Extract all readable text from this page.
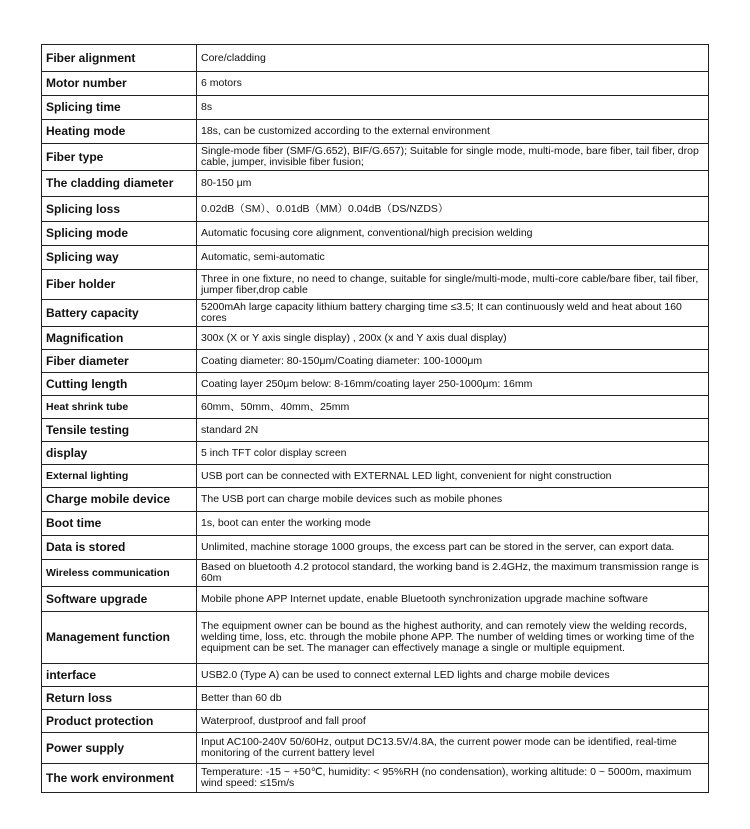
Fiber alignment	Core/cladding
Motor number	6 motors
Splicing time	8s
Heating mode	18s, can be customized according to the external environment
Fiber type	Single-mode fiber (SMF/G.652), BIF/G.657); Suitable for single mode, multi-mode, bare fiber, tail fiber, drop cable, jumper, invisible fiber fusion;
The cladding diameter	80-150 μm
Splicing loss	0.02dB（SM）、0.01dB（MM）0.04dB（DS/NZDS）
Splicing mode	Automatic focusing core alignment, conventional/high precision welding
Splicing way	Automatic, semi-automatic
Fiber holder	Three in one fixture, no need to change, suitable for single/multi-mode, multi-core cable/bare fiber, tail fiber, jumper fiber,drop cable
Battery capacity	5200mAh large capacity lithium battery charging time ≤3.5; It can continuously weld and heat about 160 cores
Magnification	300x (X or Y axis single display) , 200x (x and Y axis dual display)
Fiber diameter	Coating diameter: 80-150μm/Coating diameter: 100-1000μm
Cutting length	Coating layer 250μm below: 8-16mm/coating layer 250-1000μm: 16mm
Heat shrink tube	60mm、50mm、40mm、25mm
Tensile testing	standard 2N
display	5 inch TFT color display screen
External lighting	USB port can be connected with EXTERNAL LED light, convenient for night construction
Charge mobile device	The USB port can charge mobile devices such as mobile phones
Boot time	1s, boot can enter the working mode
Data is stored	Unlimited, machine storage 1000 groups, the excess part can be stored in the server, can export data.
Wireless communication	Based on bluetooth 4.2 protocol standard, the working band is 2.4GHz, the maximum transmission range is 60m
Software upgrade	Mobile phone APP Internet update, enable Bluetooth synchronization upgrade machine software
Management function	The equipment owner can be bound as the highest authority, and can remotely view the welding records, welding time, loss, etc. through the mobile phone APP. The number of welding times or working time of the equipment can be set. The manager can effectively manage a single or multiple equipment.
interface	USB2.0 (Type A) can be used to connect external LED lights and charge mobile devices
Return loss	Better than 60 db
Product protection	Waterproof, dustproof and fall proof
Power supply	Input AC100-240V 50/60Hz, output DC13.5V/4.8A, the current power mode can be identified, real-time monitoring of the current battery level
The work environment	Temperature: -15 ~ +50℃, humidity: < 95%RH (no condensation), working altitude: 0 ~ 5000m, maximum wind speed: ≤15m/s
